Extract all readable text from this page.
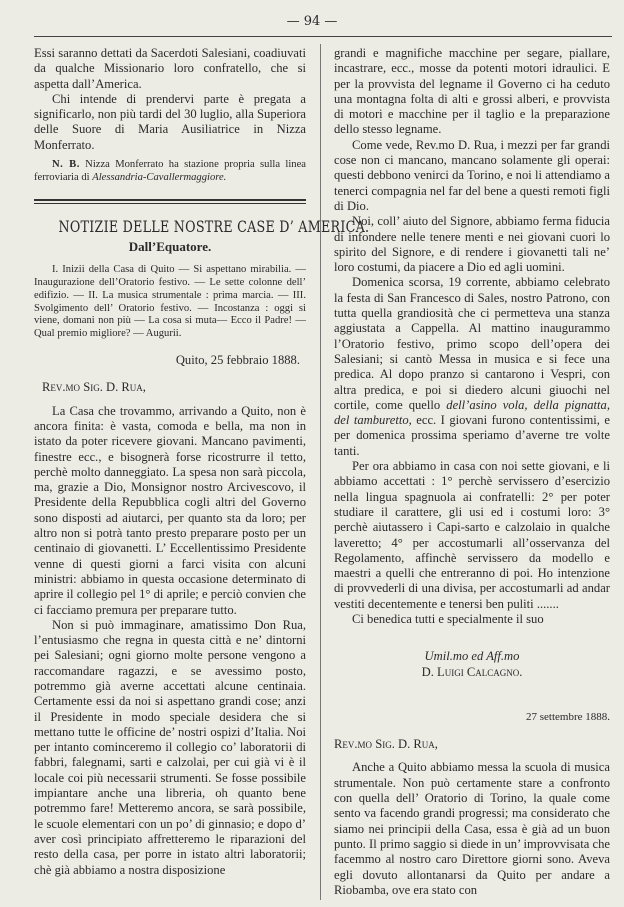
— 94 —

Essi saranno dettati da Sacerdoti Salesiani, coadiuvati da qualche Missionario loro confratello, che si aspetta dall’America.

Chi intende di prendervi parte è pregata a significarlo, non più tardi del 30 luglio, alla Superiora delle Suore di Maria Ausiliatrice in Nizza Monferrato.

N. B. Nizza Monferrato ha stazione propria sulla linea ferroviaria di Alessandria-Cavallermaggiore.

NOTIZIE DELLE NOSTRE CASE D’ AMERICA.
Dall’Equatore.

I. Inizii della Casa di Quito — Si aspettano mirabilia. — Inaugurazione dell’Oratorio festivo. — Le sette colonne dell’ edifizio. — II. La musica strumentale : prima marcia. — III. Svolgimento dell’ Oratorio festivo. — Incostanza : oggi si viene, domani non più — La cosa si muta— Ecco il Padre! — Qual premio migliore? — Augurii.

Quito, 25 febbraio 1888.

Rev.mo Sig. D. Rua,

La Casa che trovammo, arrivando a Quito, non è ancora finita: è vasta, comoda e bella, ma non in istato da poter ricevere giovani. Mancano pavimenti, finestre ecc., e bisognerà forse ricostrurre il tetto, perchè molto danneggiato. La spesa non sarà piccola, ma, grazie a Dio, Monsignor nostro Arcivescovo, il Presidente della Repubblica cogli altri del Governo sono disposti ad aiutarci, per quanto sta da loro; per altro non si potrà tanto presto preparare posto per un centinaio di giovanetti. L’ Eccellentissimo Presidente venne di questi giorni a farci visita con alcuni ministri: abbiamo in questa occasione determinato di aprire il collegio pel 1° di aprile; e perciò convien che ci facciamo premura per preparare tutto.

Non si può immaginare, amatissimo Don Rua, l’entusiasmo che regna in questa città e ne’ dintorni pei Salesiani; ogni giorno molte persone vengono a raccomandare ragazzi, e se avessimo posto, potremmo già averne accettati alcune centinaia. Certamente essi da noi si aspettano grandi cose; anzi il Presidente in modo speciale desidera che si mettano tutte le officine de’ nostri ospizi d’Italia. Noi per intanto cominceremo il collegio co’ laboratorii di fabbri, falegnami, sarti e calzolai, per cui già vi è il locale coi più necessarii strumenti. Se fosse possibile impiantare anche una libreria, oh quanto bene potremmo fare! Metteremo ancora, se sarà possibile, le scuole elementari con un po’ di ginnasio; e dopo d’ aver così principiato affretteremo le riparazioni del resto della casa, per porre in istato altri laboratorii; chè già abbiamo a nostra disposizione

grandi e magnifiche macchine per segare, piallare, incastrare, ecc., mosse da potenti motori idraulici. E per la provvista del legname il Governo ci ha ceduto una montagna folta di alti e grossi alberi, e provvista di motori e macchine per il taglio e la preparazione dello stesso legname.

Come vede, Rev.mo D. Rua, i mezzi per far grandi cose non ci mancano, mancano solamente gli operai: questi debbono venirci da Torino, e noi li attendiamo a tenerci compagnia nel far del bene a questi remoti figli di Dio.

Noi, coll’ aiuto del Signore, abbiamo ferma fiducia di infondere nelle tenere menti e nei giovani cuori lo spirito del Signore, e di rendere i giovanetti tali ne’ loro costumi, da piacere a Dio ed agli uomini.

Domenica scorsa, 19 corrente, abbiamo celebrato la festa di San Francesco di Sales, nostro Patrono, con tutta quella grandiosità che ci permetteva una stanza aggiustata a Cappella. Al mattino inaugurammo l’Oratorio festivo, primo scopo dell’opera dei Salesiani; si cantò Messa in musica e si fece una predica. Al dopo pranzo si cantarono i Vespri, con altra predica, e poi si diedero alcuni giuochi nel cortile, come quello dell’asino vola, della pignatta, del tamburetto, ecc. I giovani furono contentissimi, e per domenica prossima speriamo d’averne tre volte tanti.

Per ora abbiamo in casa con noi sette giovani, e li abbiamo accettati : 1° perchè servissero d’esercizio nella lingua spagnuola ai confratelli: 2° per poter studiare il carattere, gli usi ed i costumi loro: 3° perchè aiutassero i Capi-sarto e calzolaio in qualche laveretto; 4° per accostumarli all’osservanza del Regolamento, affinchè servissero da modello e maestri a quelli che entreranno di poi. Ho intenzione di provvederli di una divisa, per accostumarli ad andar vestiti decentemente e tenersi ben puliti .......

Ci benedica tutti e specialmente il suo

Umil.mo ed Aff.mo
D. Luigi Calcagno.
27 settembre 1888.

Rev.mo Sig. D. Rua,

Anche a Quito abbiamo messa la scuola di musica strumentale. Non può certamente stare a confronto con quella dell’ Oratorio di Torino, la quale come sento va facendo grandi progressi; ma considerato che siamo nei principii della Casa, essa è già ad un buon punto. Il primo saggio si diede in un’ improvvisata che facemmo al nostro caro Direttore giorni sono. Aveva egli dovuto allontanarsi da Quito per andare a Riobamba, ove era stato con
